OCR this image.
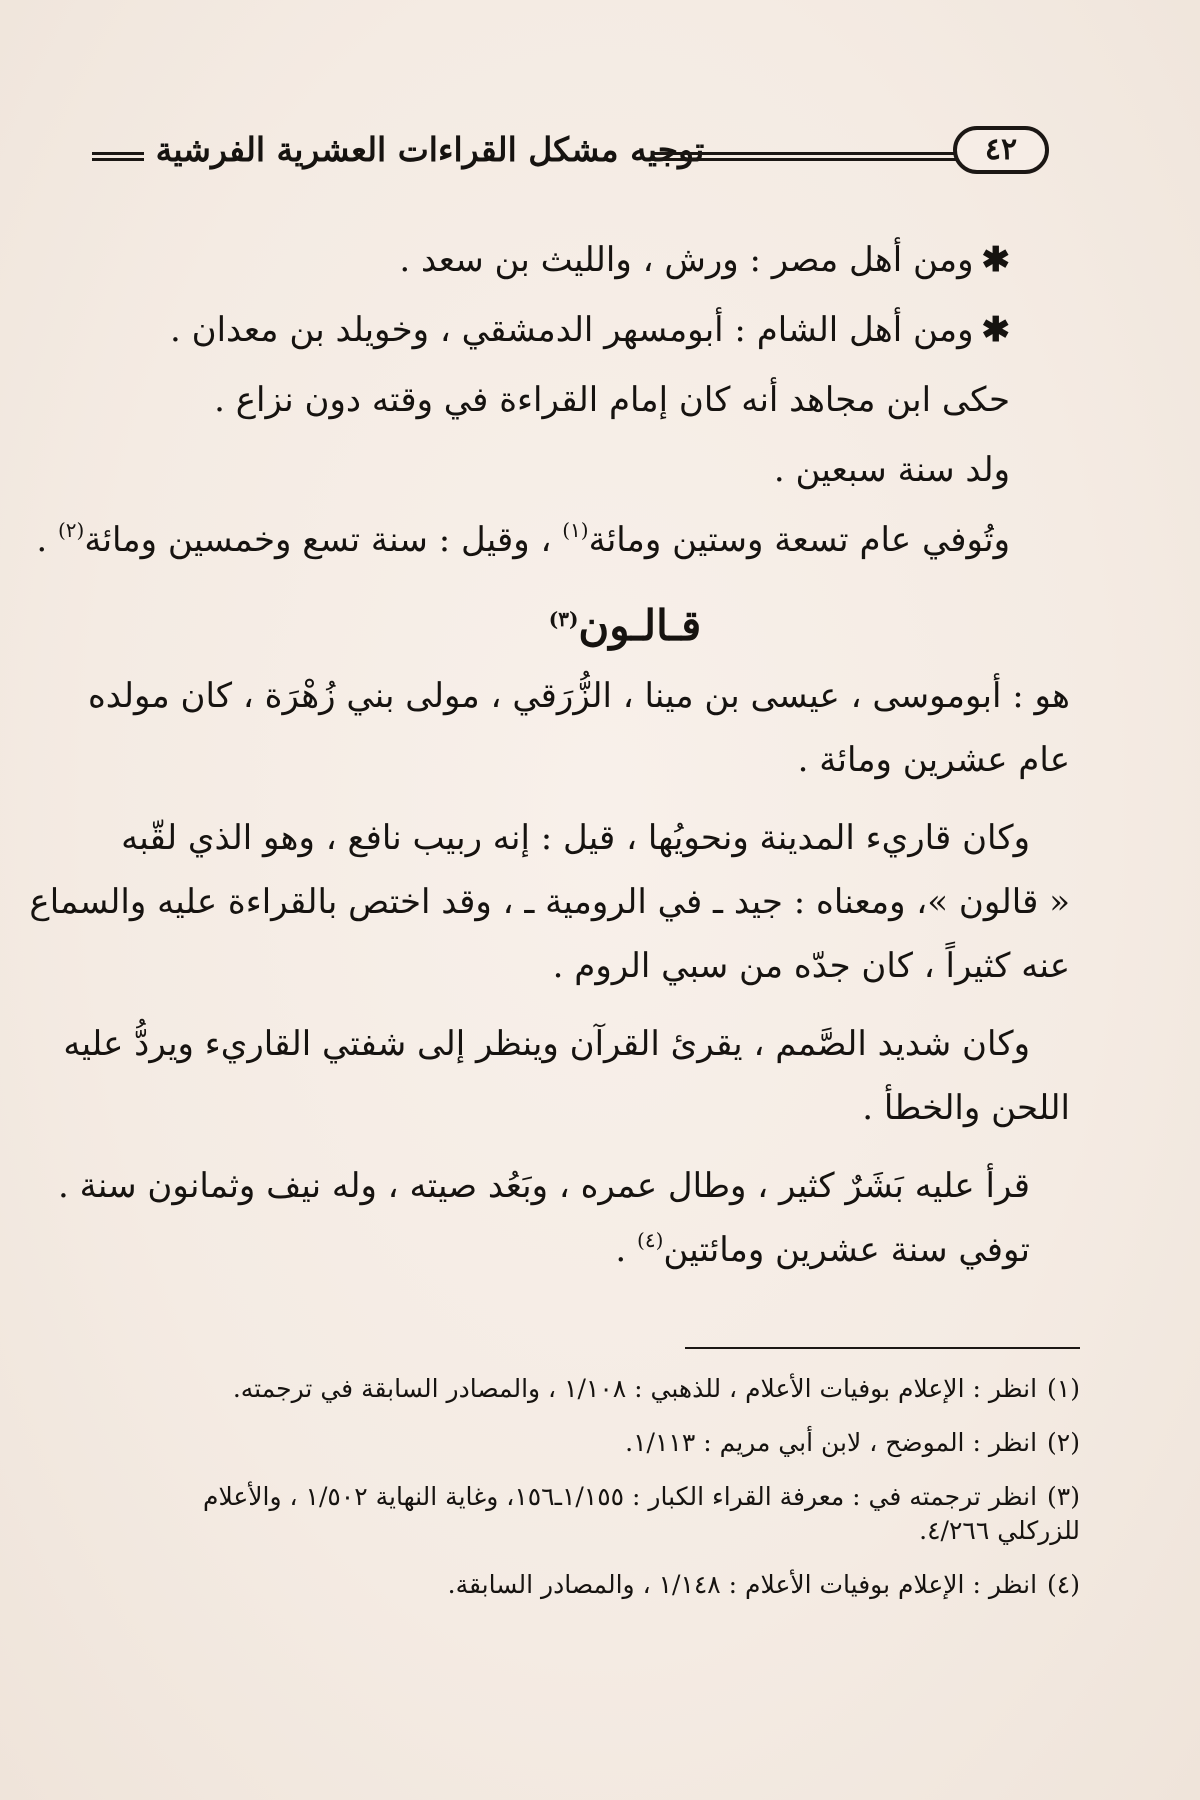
توجيه مشكل القراءات العشرية الفرشية	٤٢
✱ومن أهل مصر : ورش ، والليث بن سعد .
✱ومن أهل الشام : أبومسهر الدمشقي ، وخويلد بن معدان .
حكى ابن مجاهد أنه كان إمام القراءة في وقته دون نزاع .
ولد سنة سبعين .
وتُوفي عام تسعة وستين ومائة$^{(١)}$ ، وقيل : سنة تسع وخمسين ومائة$^{(٢)}$ .
قـالـون$^{(٣)}$
هو : أبوموسى ، عيسى بن مينا ، الزُّرَقي ، مولى بني زُهْرَة ، كان مولده
عام عشرين ومائة .
وكان قاريء المدينة ونحويُها ، قيل : إنه ربيب نافع ، وهو الذي لقّبه
« قالون »، ومعناه : جيد ـ في الرومية ـ ، وقد اختص بالقراءة عليه والسماع
عنه كثيراً ، كان جدّه من سبي الروم .
وكان شديد الصَّمم ، يقرئ القرآن وينظر إلى شفتي القاريء ويردُّ عليه
اللحن والخطأ .
قرأ عليه بَشَرٌ كثير ، وطال عمره ، وبَعُد صيته ، وله نيف وثمانون سنة .
توفي سنة عشرين ومائتين$^{(٤)}$ .
(١)انظر : الإعلام بوفيات الأعلام ، للذهبي : ١/١٠٨ ، والمصادر السابقة في ترجمته.
(٢)انظر : الموضح ، لابن أبي مريم : ١/١١٣.
(٣)انظر ترجمته في : معرفة القراء الكبار : ١/١٥٥ـ١٥٦، وغاية النهاية ١/٥٠٢ ، والأعلام
للزركلي ٤/٢٦٦.
(٤)انظر : الإعلام بوفيات الأعلام : ١/١٤٨ ، والمصادر السابقة.
